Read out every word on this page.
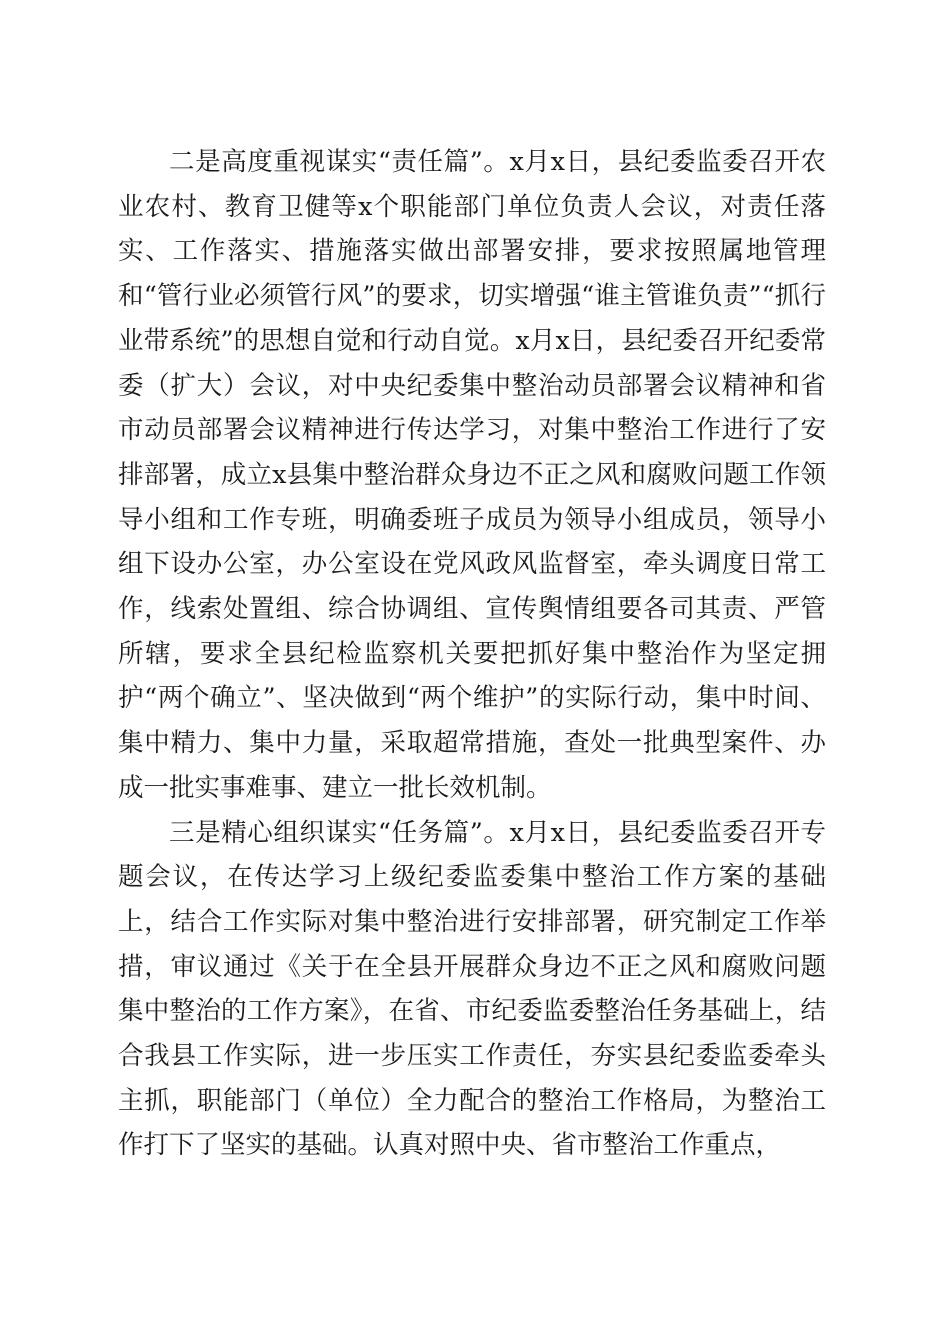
二是高度重视谋实“责任篇”。x月x日，县纪委监委召开农业农村、教育卫健等x个职能部门单位负责人会议，对责任落实、工作落实、措施落实做出部署安排，要求按照属地管理和“管行业必须管行风”的要求，切实增强“谁主管谁负责”“抓行业带系统”的思想自觉和行动自觉。x月x日，县纪委召开纪委常委（扩大）会议，对中央纪委集中整治动员部署会议精神和省市动员部署会议精神进行传达学习，对集中整治工作进行了安排部署，成立x县集中整治群众身边不正之风和腐败问题工作领导小组和工作专班，明确委班子成员为领导小组成员，领导小组下设办公室，办公室设在党风政风监督室，牵头调度日常工作，线索处置组、综合协调组、宣传舆情组要各司其责、严管所辖，要求全县纪检监察机关要把抓好集中整治作为坚定拥护“两个确立”、坚决做到“两个维护”的实际行动，集中时间、集中精力、集中力量，采取超常措施，查处一批典型案件、办成一批实事难事、建立一批长效机制。

三是精心组织谋实“任务篇”。x月x日，县纪委监委召开专题会议，在传达学习上级纪委监委集中整治工作方案的基础上，结合工作实际对集中整治进行安排部署，研究制定工作举措，审议通过《关于在全县开展群众身边不正之风和腐败问题集中整治的工作方案》，在省、市纪委监委整治任务基础上，结合我县工作实际，进一步压实工作责任，夯实县纪委监委牵头主抓，职能部门（单位）全力配合的整治工作格局，为整治工作打下了坚实的基础。认真对照中央、省市整治工作重点，
